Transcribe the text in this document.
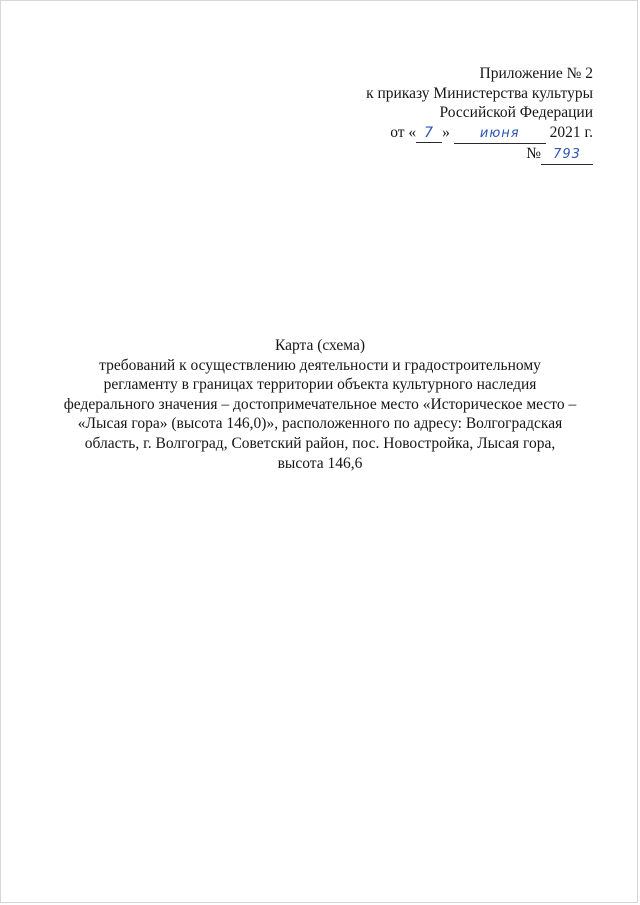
Приложение № 2
к приказу Министерства культуры
Российской Федерации
от « 7 » июня 2021 г.
№ 793
Карта (схема)
требований к осуществлению деятельности и градостроительному
регламенту в границах территории объекта культурного наследия
федерального значения – достопримечательное место «Историческое место –
«Лысая гора» (высота 146,0)», расположенного по адресу: Волгоградская
область, г. Волгоград, Советский район, пос. Новостройка, Лысая гора,
высота 146,6
